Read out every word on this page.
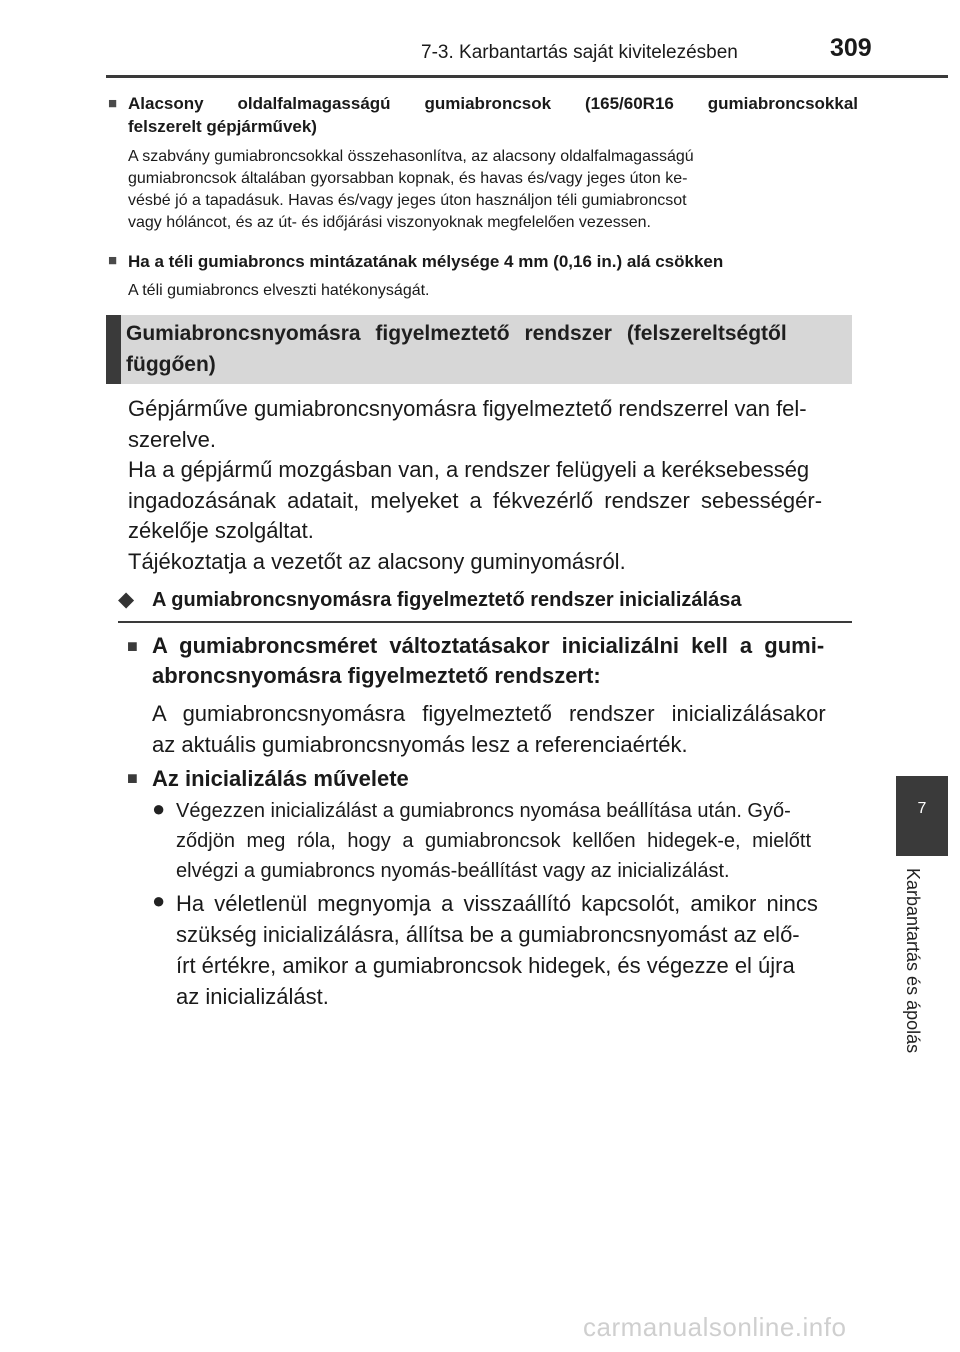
7-3. Karbantartás saját kivitelezésben	309
■ Alacsony oldalfalmagasságú gumiabroncsok (165/60R16 gumiabroncsokkal
felszerelt gépjárművek)
A szabvány gumiabroncsokkal összehasonlítva, az alacsony oldalfalmagasságú
gumiabroncsok általában gyorsabban kopnak, és havas és/vagy jeges úton ke-
vésbé jó a tapadásuk. Havas és/vagy jeges úton használjon téli gumiabroncsot
vagy hóláncot, és az út- és időjárási viszonyoknak megfelelően vezessen.
■ Ha a téli gumiabroncs mintázatának mélysége 4 mm (0,16 in.) alá csökken
A téli gumiabroncs elveszti hatékonyságát.
Gumiabroncsnyomásra figyelmeztető rendszer (felszereltségtől
függően)
Gépjárműve gumiabroncsnyomásra figyelmeztető rendszerrel van fel-
szerelve.
Ha a gépjármű mozgásban van, a rendszer felügyeli a keréksebesség
ingadozásának adatait, melyeket a fékvezérlő rendszer sebességér-
zékelője szolgáltat.
Tájékoztatja a vezetőt az alacsony guminyomásról.
◆ A gumiabroncsnyomásra figyelmeztető rendszer inicializálása
■ A gumiabroncsméret változtatásakor inicializálni kell a gumi-
abroncsnyomásra figyelmeztető rendszert:
A gumiabroncsnyomásra figyelmeztető rendszer inicializálásakor
az aktuális gumiabroncsnyomás lesz a referenciaérték.
■ Az inicializálás művelete
● Végezzen inicializálást a gumiabroncs nyomása beállítása után. Győ-
ződjön meg róla, hogy a gumiabroncsok kellően hidegek-e, mielőtt
elvégzi a gumiabroncs nyomás-beállítást vagy az inicializálást.
● Ha véletlenül megnyomja a visszaállító kapcsolót, amikor nincs
szükség inicializálásra, állítsa be a gumiabroncsnyomást az elő-
írt értékre, amikor a gumiabroncsok hidegek, és végezze el újra
az inicializálást.
7
Karbantartás és ápolás
carmanualsonline.info
